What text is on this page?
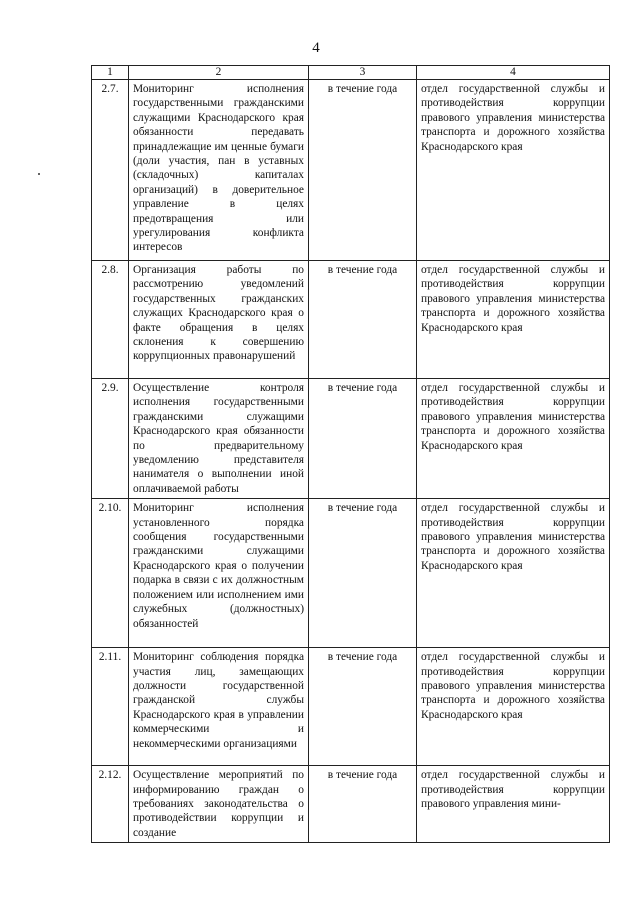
4
1	2	3	4
2.7.	Мониторинг исполнения государственными гражданскими служащими Краснодарского края обязанности передавать принадлежащие им ценные бумаги (доли участия, пан в уставных (складочных) капиталах организаций) в доверительное управление в целях предотвращения или урегулирования конфликта интересов	в течение года	отдел государственной службы и противодействия коррупции правового управления министерства транспорта и дорожного хозяйства Краснодарского края
2.8.	Организация работы по рассмотрению уведомлений государственных гражданских служащих Краснодарского края о факте обращения в целях склонения к совершению коррупционных правонарушений	в течение года	отдел государственной службы и противодействия коррупции правового управления министерства транспорта и дорожного хозяйства Краснодарского края
2.9.	Осуществление контроля исполнения государственными гражданскими служащими Краснодарского края обязанности по предварительному уведомлению представителя нанимателя о выполнении иной оплачиваемой работы	в течение года	отдел государственной службы и противодействия коррупции правового управления министерства транспорта и дорожного хозяйства Краснодарского края
2.10.	Мониторинг исполнения установленного порядка сообщения государственными гражданскими служащими Краснодарского края о получении подарка в связи с их должностным положением или исполнением ими служебных (должностных) обязанностей	в течение года	отдел государственной службы и противодействия коррупции правового управления министерства транспорта и дорожного хозяйства Краснодарского края
2.11.	Мониторинг соблюдения порядка участия лиц, замещающих должности государственной гражданской службы Краснодарского края в управлении коммерческими и некоммерческими организациями	в течение года	отдел государственной службы и противодействия коррупции правового управления министерства транспорта и дорожного хозяйства Краснодарского края
2.12.	Осуществление мероприятий по информированию граждан о требованиях законодательства о противодействии коррупции и создание	в течение года	отдел государственной службы и противодействия коррупции правового управления мини-
